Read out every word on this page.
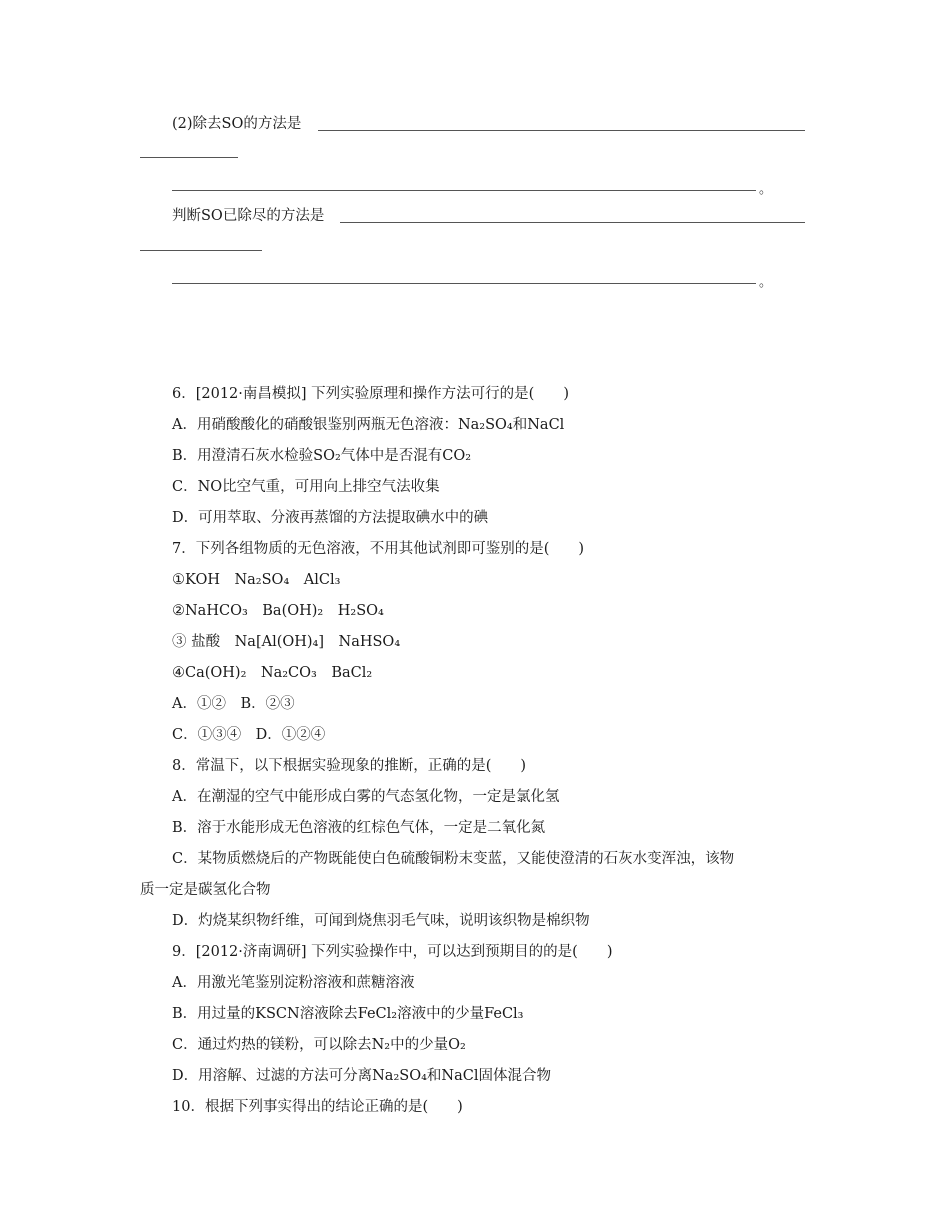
(2)除去SO的方法是
。
判断SO已除尽的方法是
。
6．[2012·南昌模拟] 下列实验原理和操作方法可行的是(　　)
A．用硝酸酸化的硝酸银鉴别两瓶无色溶液：Na₂SO₄和NaCl
B．用澄清石灰水检验SO₂气体中是否混有CO₂
C．NO比空气重，可用向上排空气法收集
D．可用萃取、分液再蒸馏的方法提取碘水中的碘
7．下列各组物质的无色溶液，不用其他试剂即可鉴别的是(　　)
①KOH　Na₂SO₄　AlCl₃
②NaHCO₃　Ba(OH)₂　H₂SO₄
③ 盐酸　Na[Al(OH)₄]　NaHSO₄
④Ca(OH)₂　Na₂CO₃　BaCl₂
A．①②　B．②③
C．①③④　D．①②④
8．常温下，以下根据实验现象的推断，正确的是(　　)
A．在潮湿的空气中能形成白雾的气态氢化物，一定是氯化氢
B．溶于水能形成无色溶液的红棕色气体，一定是二氧化氮
C．某物质燃烧后的产物既能使白色硫酸铜粉末变蓝，又能使澄清的石灰水变浑浊，该物
质一定是碳氢化合物
D．灼烧某织物纤维，可闻到烧焦羽毛气味，说明该织物是棉织物
9．[2012·济南调研] 下列实验操作中，可以达到预期目的的是(　　)
A．用激光笔鉴别淀粉溶液和蔗糖溶液
B．用过量的KSCN溶液除去FeCl₂溶液中的少量FeCl₃
C．通过灼热的镁粉，可以除去N₂中的少量O₂
D．用溶解、过滤的方法可分离Na₂SO₄和NaCl固体混合物
10．根据下列事实得出的结论正确的是(　　)
